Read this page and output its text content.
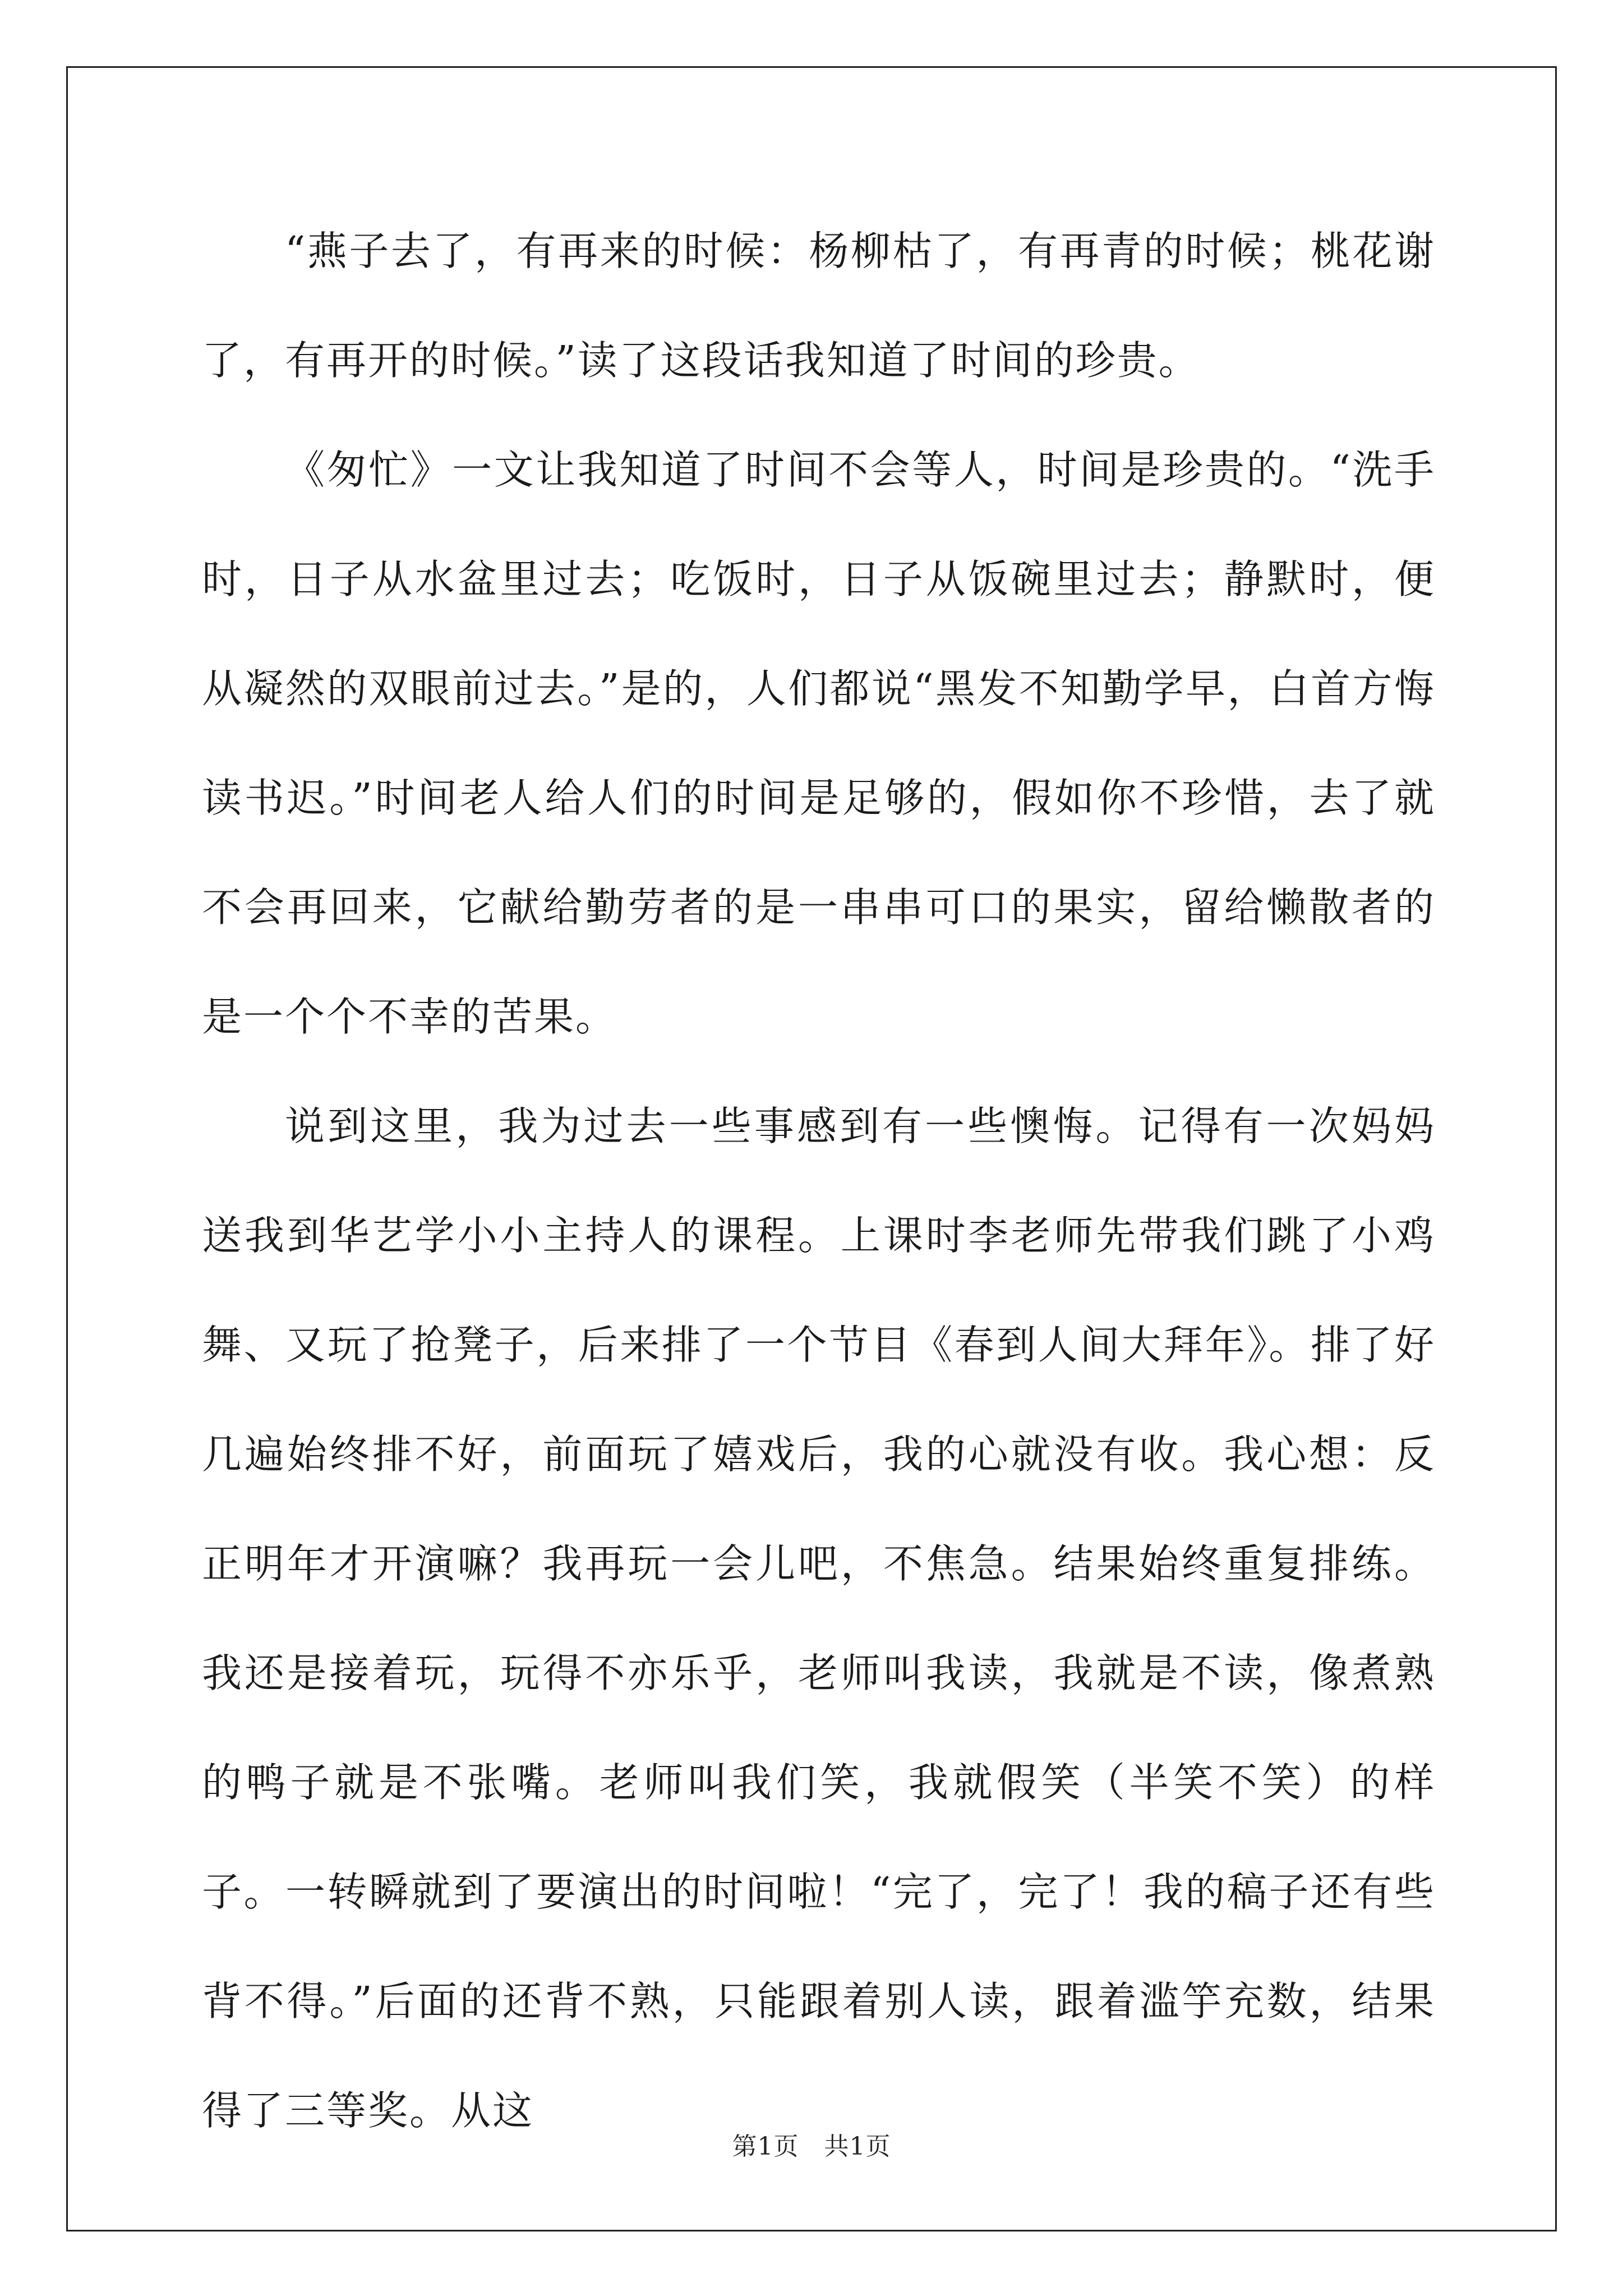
“燕子去了，有再来的时候：杨柳枯了，有再青的时候；桃花谢了，有再开的时候。”读了这段话我知道了时间的珍贵。

《匆忙》一文让我知道了时间不会等人，时间是珍贵的。“洗手时，日子从水盆里过去；吃饭时，日子从饭碗里过去；静默时，便从凝然的双眼前过去。”是的，人们都说“黑发不知勤学早，白首方悔读书迟。”时间老人给人们的时间是足够的，假如你不珍惜，去了就不会再回来，它献给勤劳者的是一串串可口的果实，留给懒散者的是一个个不幸的苦果。

说到这里，我为过去一些事感到有一些懊悔。记得有一次妈妈送我到华艺学小小主持人的课程。上课时李老师先带我们跳了小鸡舞、又玩了抢凳子，后来排了一个节目《春到人间大拜年》。排了好几遍始终排不好，前面玩了嬉戏后，我的心就没有收。我心想：反正明年才开演嘛？我再玩一会儿吧，不焦急。结果始终重复排练。我还是接着玩，玩得不亦乐乎，老师叫我读，我就是不读，像煮熟的鸭子就是不张嘴。老师叫我们笑，我就假笑（半笑不笑）的样子。一转瞬就到了要演出的时间啦！“完了，完了！我的稿子还有些背不得。”后面的还背不熟，只能跟着别人读，跟着滥竽充数，结果得了三等奖。从这

第1页　共1页
